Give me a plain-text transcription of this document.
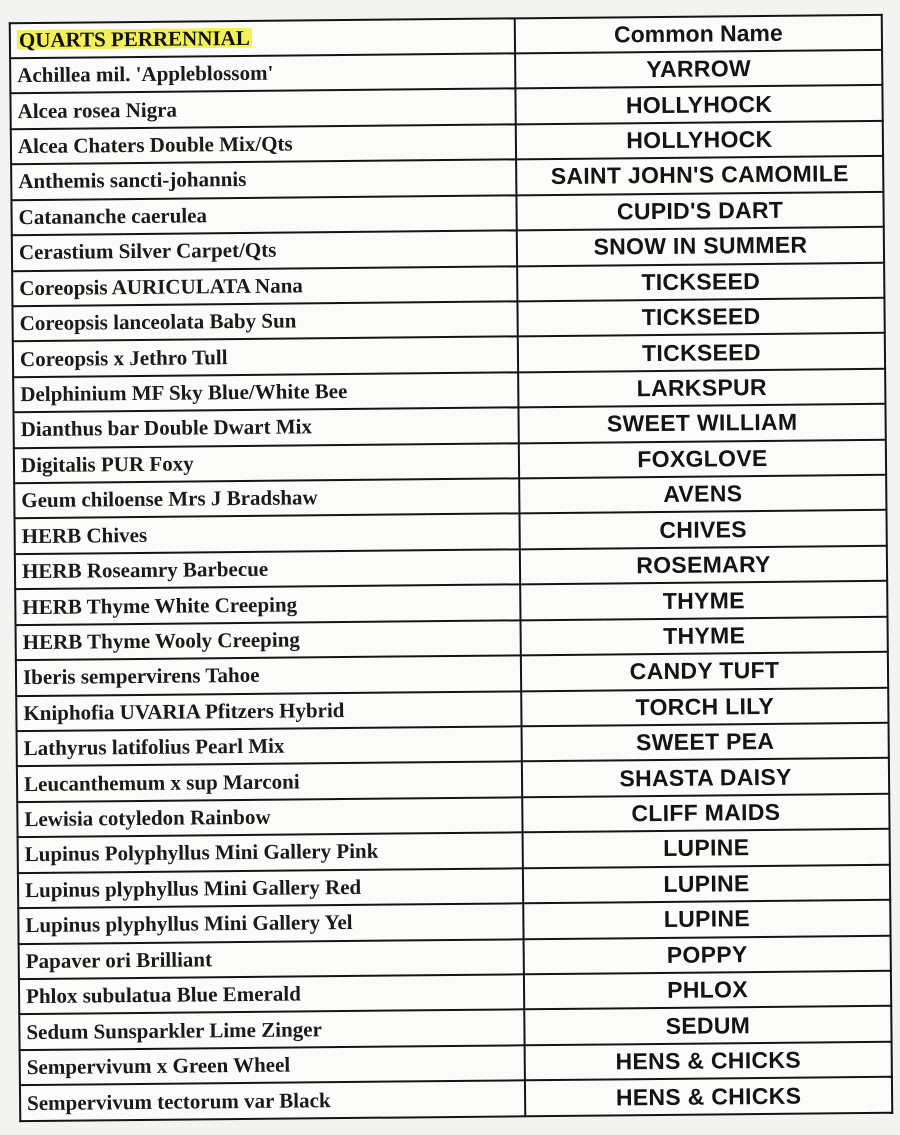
QUARTS PERRENNIAL	Common Name
Achillea mil. 'Appleblossom'	YARROW
Alcea rosea Nigra	HOLLYHOCK
Alcea Chaters Double Mix/Qts	HOLLYHOCK
Anthemis sancti-johannis	SAINT JOHN'S CAMOMILE
Catananche caerulea	CUPID'S DART
Cerastium Silver Carpet/Qts	SNOW IN SUMMER
Coreopsis AURICULATA Nana	TICKSEED
Coreopsis lanceolata Baby Sun	TICKSEED
Coreopsis x Jethro Tull	TICKSEED
Delphinium MF Sky Blue/White Bee	LARKSPUR
Dianthus bar Double Dwart Mix	SWEET WILLIAM
Digitalis PUR Foxy	FOXGLOVE
Geum chiloense Mrs J Bradshaw	AVENS
HERB Chives	CHIVES
HERB Roseamry Barbecue	ROSEMARY
HERB Thyme White Creeping	THYME
HERB Thyme Wooly Creeping	THYME
Iberis sempervirens Tahoe	CANDY TUFT
Kniphofia UVARIA Pfitzers Hybrid	TORCH LILY
Lathyrus latifolius Pearl Mix	SWEET PEA
Leucanthemum x sup Marconi	SHASTA DAISY
Lewisia cotyledon Rainbow	CLIFF MAIDS
Lupinus Polyphyllus Mini Gallery Pink	LUPINE
Lupinus plyphyllus Mini Gallery Red	LUPINE
Lupinus plyphyllus Mini Gallery Yel	LUPINE
Papaver ori Brilliant	POPPY
Phlox subulatua Blue Emerald	PHLOX
Sedum Sunsparkler Lime Zinger	SEDUM
Sempervivum x Green Wheel	HENS & CHICKS
Sempervivum tectorum var Black	HENS & CHICKS
